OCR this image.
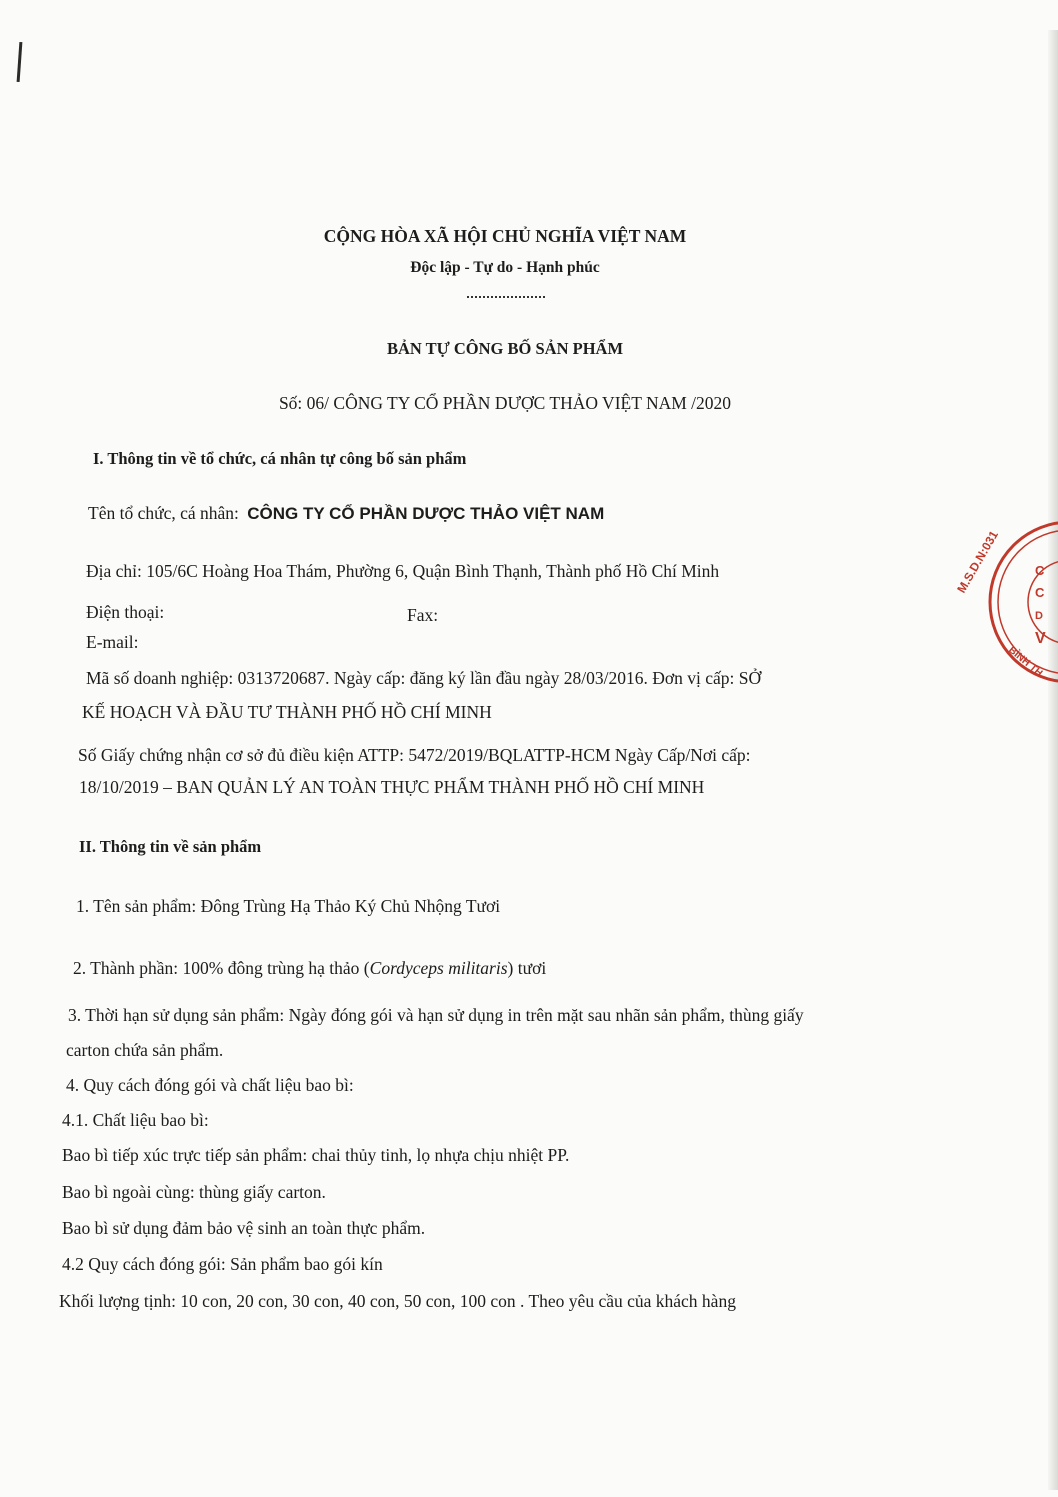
CỘNG HÒA XÃ HỘI CHỦ NGHĨA VIỆT NAM
Độc lập - Tự do - Hạnh phúc
BẢN TỰ CÔNG BỐ SẢN PHẨM
Số: 06/ CÔNG TY CỔ PHẦN DƯỢC THẢO VIỆT NAM /2020
I. Thông tin về tổ chức, cá nhân tự công bố sản phẩm
Tên tổ chức, cá nhân: CÔNG TY CỔ PHẦN DƯỢC THẢO VIỆT NAM
Địa chỉ: 105/6C Hoàng Hoa Thám, Phường 6, Quận Bình Thạnh, Thành phố Hồ Chí Minh
Điện thoại:	Fax:
E-mail:
Mã số doanh nghiệp: 0313720687. Ngày cấp: đăng ký lần đầu ngày 28/03/2016. Đơn vị cấp: SỞ
KẾ HOẠCH VÀ ĐẦU TƯ THÀNH PHỐ HỒ CHÍ MINH
Số Giấy chứng nhận cơ sở đủ điều kiện ATTP: 5472/2019/BQLATTP-HCM Ngày Cấp/Nơi cấp:
18/10/2019 – BAN QUẢN LÝ AN TOÀN THỰC PHẨM THÀNH PHỐ HỒ CHÍ MINH
II. Thông tin về sản phẩm
1. Tên sản phẩm: Đông Trùng Hạ Thảo Ký Chủ Nhộng Tươi
2. Thành phần: 100% đông trùng hạ thảo (Cordyceps militaris) tươi
3. Thời hạn sử dụng sản phẩm: Ngày đóng gói và hạn sử dụng in trên mặt sau nhãn sản phẩm, thùng giấy
carton chứa sản phẩm.
4. Quy cách đóng gói và chất liệu bao bì:
4.1. Chất liệu bao bì:
Bao bì tiếp xúc trực tiếp sản phẩm: chai thủy tinh, lọ nhựa chịu nhiệt PP.
Bao bì ngoài cùng: thùng giấy carton.
Bao bì sử dụng đảm bảo vệ sinh an toàn thực phẩm.
4.2 Quy cách đóng gói: Sản phẩm bao gói kín
Khối lượng tịnh: 10 con, 20 con, 30 con, 40 con, 50 con, 100 con . Theo yêu cầu của khách hàng
M.S.D.N:031	C
C
D
V
BÌNH TH
